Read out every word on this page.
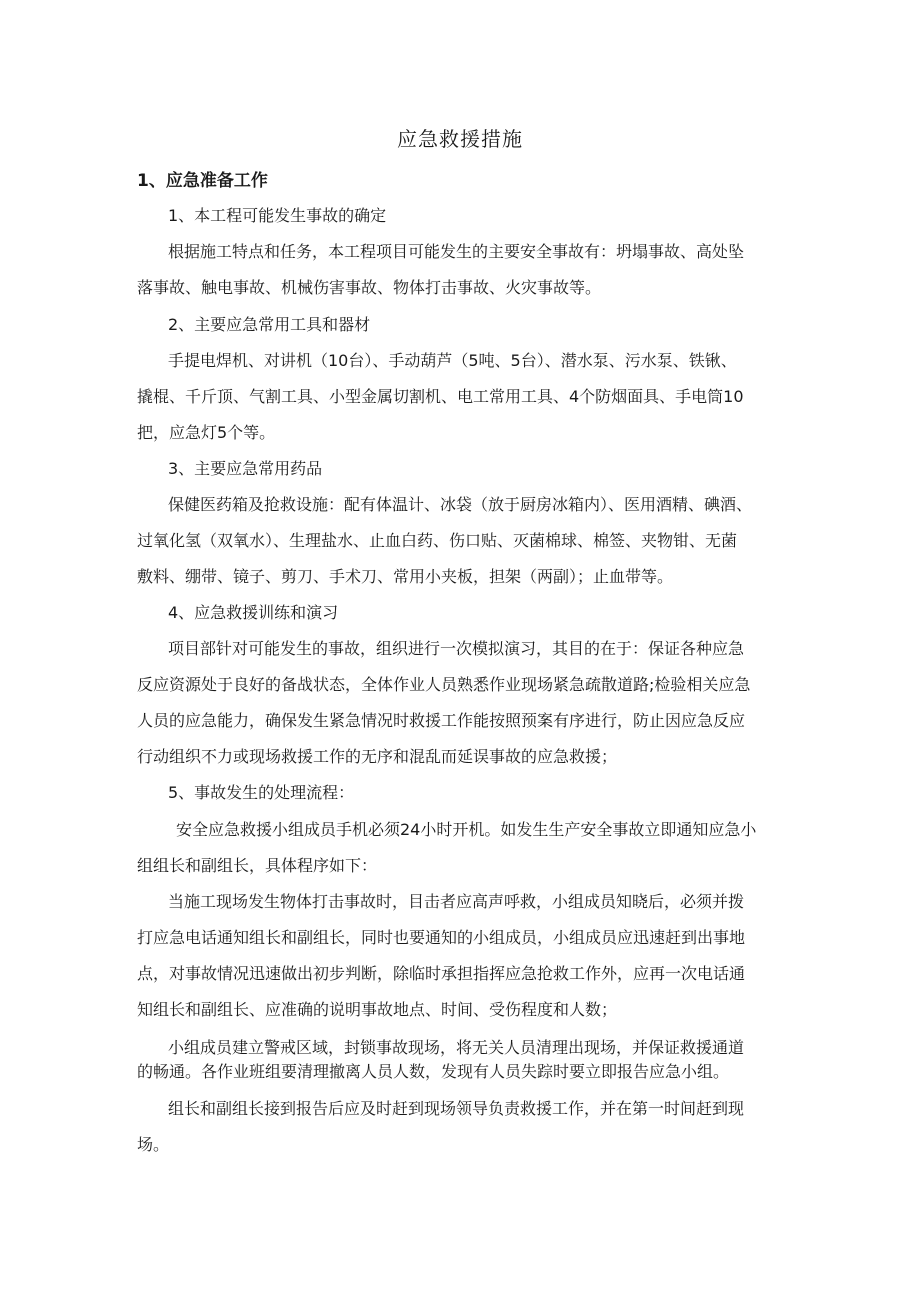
应急救援措施
1、应急准备工作
1、本工程可能发生事故的确定
根据施工特点和任务，本工程项目可能发生的主要安全事故有：坍塌事故、高处坠
落事故、触电事故、机械伤害事故、物体打击事故、火灾事故等。
2、主要应急常用工具和器材
手提电焊机、对讲机（10台）、手动葫芦（5吨、5台）、潜水泵、污水泵、铁锹、
撬棍、千斤顶、气割工具、小型金属切割机、电工常用工具、4个防烟面具、手电筒10
把，应急灯5个等。
3、主要应急常用药品
保健医药箱及抢救设施：配有体温计、冰袋（放于厨房冰箱内）、医用酒精、碘酒、
过氧化氢（双氧水）、生理盐水、止血白药、伤口贴、灭菌棉球、棉签、夹物钳、无菌
敷料、绷带、镜子、剪刀、手术刀、常用小夹板，担架（两副）；止血带等。
4、应急救援训练和演习
项目部针对可能发生的事故，组织进行一次模拟演习，其目的在于：保证各种应急
反应资源处于良好的备战状态，全体作业人员熟悉作业现场紧急疏散道路;检验相关应急
人员的应急能力，确保发生紧急情况时救援工作能按照预案有序进行，防止因应急反应
行动组织不力或现场救援工作的无序和混乱而延误事故的应急救援；
5、事故发生的处理流程：
安全应急救援小组成员手机必须24小时开机。如发生生产安全事故立即通知应急小
组组长和副组长，具体程序如下：
当施工现场发生物体打击事故时，目击者应高声呼救，小组成员知晓后，必须并拨
打应急电话通知组长和副组长，同时也要通知的小组成员，小组成员应迅速赶到出事地
点，对事故情况迅速做出初步判断，除临时承担指挥应急抢救工作外，应再一次电话通
知组长和副组长、应准确的说明事故地点、时间、受伤程度和人数；
小组成员建立警戒区域，封锁事故现场，将无关人员清理出现场，并保证救援通道
的畅通。各作业班组要清理撤离人员人数，发现有人员失踪时要立即报告应急小组。
组长和副组长接到报告后应及时赶到现场领导负责救援工作，并在第一时间赶到现
场。
